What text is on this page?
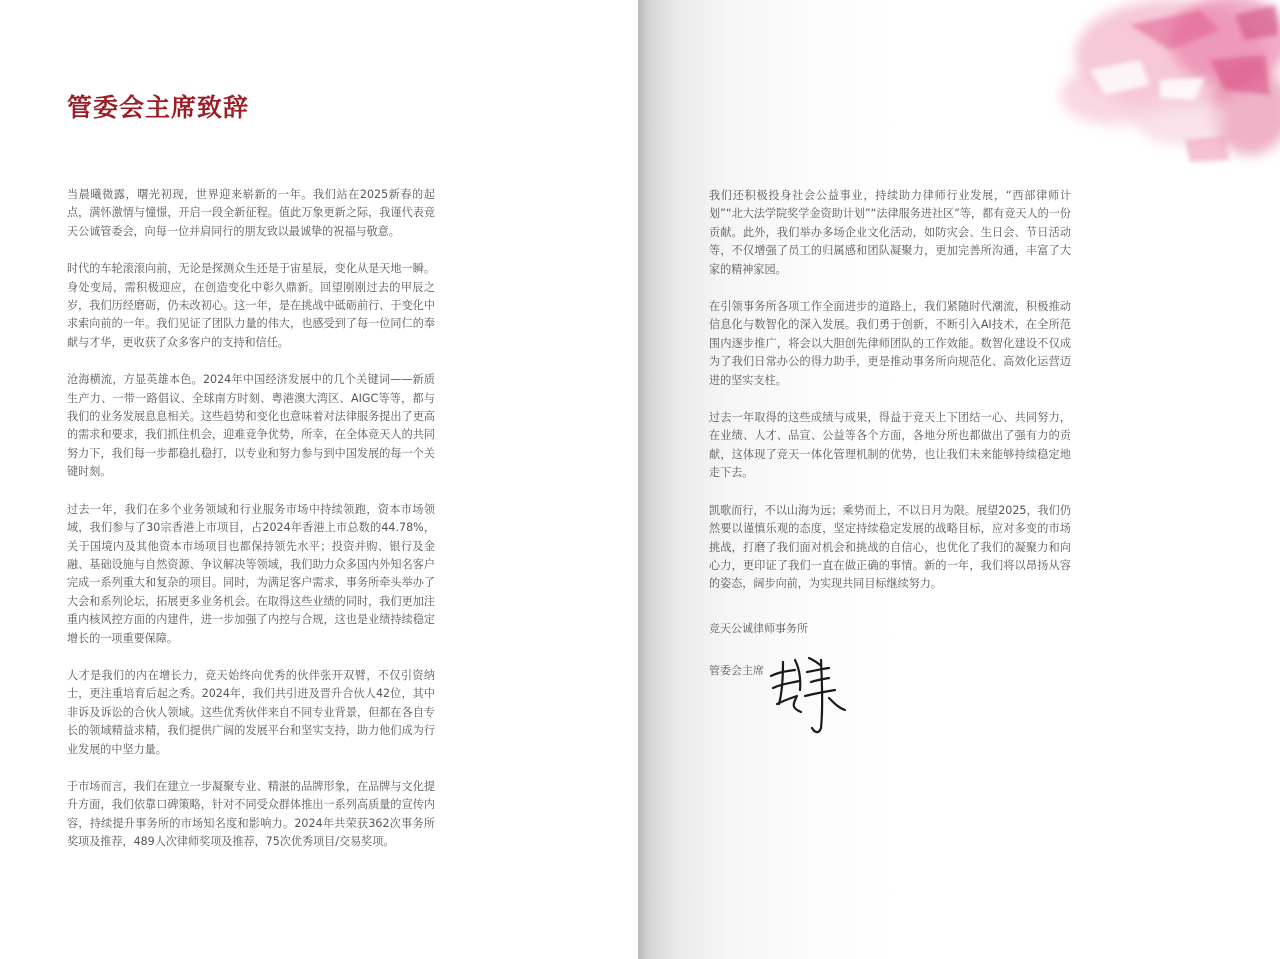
管委会主席致辞

当晨曦微露，曙光初现，世界迎来崭新的一年。我们站在2025新春的起点，满怀激情与憧憬，开启一段全新征程。值此万象更新之际，我谨代表竞天公诚管委会，向每一位并肩同行的朋友致以最诚挚的祝福与敬意。

时代的车轮滚滚向前，无论是探测众生还是于宙星辰，变化从是天地一瞬。身处变局，需积极迎应，在创造变化中彰久鼎新。回望刚刚过去的甲辰之岁，我们历经磨砺，仍未改初心。这一年，是在挑战中砥砺前行、于变化中求索向前的一年。我们见证了团队力量的伟大，也感受到了每一位同仁的奉献与才华，更收获了众多客户的支持和信任。

沧海横流，方显英雄本色。2024年中国经济发展中的几个关键词——新质生产力、一带一路倡议、全球南方时刻、粤港澳大湾区、AIGC等等，都与我们的业务发展息息相关。这些趋势和变化也意味着对法律服务提出了更高的需求和要求，我们抓住机会，迎难竞争优势，所幸，在全体竞天人的共同努力下，我们每一步都稳扎稳打，以专业和努力参与到中国发展的每一个关键时刻。

过去一年，我们在多个业务领域和行业服务市场中持续领跑，资本市场领域，我们参与了30宗香港上市项目，占2024年香港上市总数的44.78%，关于国境内及其他资本市场项目也都保持领先水平；投资并购、银行及金融、基础设施与自然资源、争议解决等领域，我们助力众多国内外知名客户完成一系列重大和复杂的项目。同时，为满足客户需求，事务所牵头举办了大会和系列论坛，拓展更多业务机会。在取得这些业绩的同时，我们更加注重内核风控方面的内建件，进一步加强了内控与合规，这也是业绩持续稳定增长的一项重要保障。

人才是我们的内在增长力，竞天始终向优秀的伙伴张开双臂，不仅引资纳士，更注重培育后起之秀。2024年，我们共引进及晋升合伙人42位，其中非诉及诉讼的合伙人领域。这些优秀伙伴来自不同专业背景，但都在各自专长的领域精益求精，我们提供广阔的发展平台和坚实支持，助力他们成为行业发展的中坚力量。

于市场而言，我们在建立一步凝聚专业、精湛的品牌形象，在品牌与文化提升方面，我们依靠口碑策略，针对不同受众群体推出一系列高质量的宣传内容，持续提升事务所的市场知名度和影响力。2024年共荣获362次事务所奖项及推荐，489人次律师奖项及推荐，75次优秀项目/交易奖项。

我们还积极投身社会公益事业，持续助力律师行业发展，“西部律师计划”“北大法学院奖学金资助计划”“法律服务进社区”等，都有竞天人的一份贡献。此外，我们举办多场企业文化活动，如防灾会、生日会、节日活动等，不仅增强了员工的归属感和团队凝聚力，更加完善所沟通，丰富了大家的精神家园。

在引领事务所各项工作全面进步的道路上，我们紧随时代潮流，积极推动信息化与数智化的深入发展。我们勇于创新，不断引入AI技术，在全所范围内逐步推广，将会以大胆创先律师团队的工作效能。数智化建设不仅成为了我们日常办公的得力助手，更是推动事务所向规范化、高效化运营迈进的坚实支柱。

过去一年取得的这些成绩与成果，得益于竞天上下团结一心、共同努力，在业绩、人才、品宣、公益等各个方面，各地分所也都做出了强有力的贡献，这体现了竞天一体化管理机制的优势，也让我们未来能够持续稳定地走下去。

凯歌而行，不以山海为远；乘势而上，不以日月为限。展望2025，我们仍然要以谨慎乐观的态度，坚定持续稳定发展的战略目标，应对多变的市场挑战，打磨了我们面对机会和挑战的自信心，也优化了我们的凝聚力和向心力，更印证了我们一直在做正确的事情。新的一年，我们将以昂扬从容的姿态，阔步向前，为实现共同目标继续努力。

竞天公诚律师事务所

管委会主席
